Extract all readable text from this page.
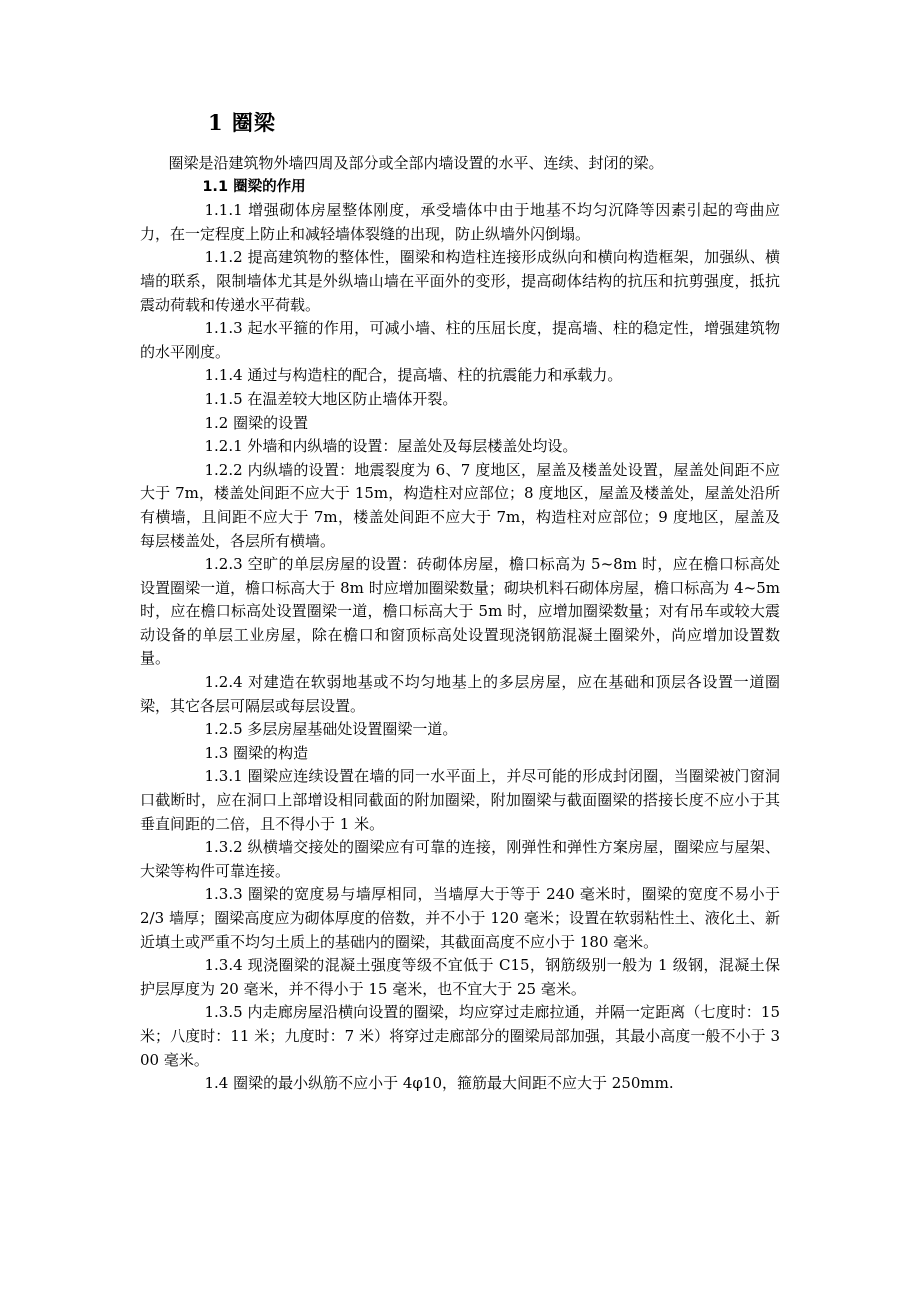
1 圈梁

圈梁是沿建筑物外墙四周及部分或全部内墙设置的水平、连续、封闭的梁。

1.1 圈梁的作用

1.1.1 增强砌体房屋整体刚度，承受墙体中由于地基不均匀沉降等因素引起的弯曲应力，在一定程度上防止和减轻墙体裂缝的出现，防止纵墙外闪倒塌。

1.1.2 提高建筑物的整体性，圈梁和构造柱连接形成纵向和横向构造框架，加强纵、横墙的联系，限制墙体尤其是外纵墙山墙在平面外的变形，提高砌体结构的抗压和抗剪强度，抵抗震动荷载和传递水平荷载。

1.1.3 起水平箍的作用，可减小墙、柱的压屈长度，提高墙、柱的稳定性，增强建筑物的水平刚度。

1.1.4 通过与构造柱的配合，提高墙、柱的抗震能力和承载力。

1.1.5 在温差较大地区防止墙体开裂。

1.2 圈梁的设置

1.2.1 外墙和内纵墙的设置：屋盖处及每层楼盖处均设。

1.2.2 内纵墙的设置：地震裂度为 6、7 度地区，屋盖及楼盖处设置，屋盖处间距不应大于 7m，楼盖处间距不应大于 15m，构造柱对应部位；8 度地区，屋盖及楼盖处，屋盖处沿所有横墙，且间距不应大于 7m，楼盖处间距不应大于 7m，构造柱对应部位；9 度地区，屋盖及每层楼盖处，各层所有横墙。

1.2.3 空旷的单层房屋的设置：砖砌体房屋，檐口标高为 5~8m 时，应在檐口标高处设置圈梁一道，檐口标高大于 8m 时应增加圈梁数量；砌块机料石砌体房屋，檐口标高为 4~5m 时，应在檐口标高处设置圈梁一道，檐口标高大于 5m 时，应增加圈梁数量；对有吊车或较大震动设备的单层工业房屋，除在檐口和窗顶标高处设置现浇钢筋混凝土圈梁外，尚应增加设置数量。

1.2.4 对建造在软弱地基或不均匀地基上的多层房屋，应在基础和顶层各设置一道圈梁，其它各层可隔层或每层设置。

1.2.5 多层房屋基础处设置圈梁一道。

1.3 圈梁的构造

1.3.1 圈梁应连续设置在墙的同一水平面上，并尽可能的形成封闭圈，当圈梁被门窗洞口截断时，应在洞口上部增设相同截面的附加圈梁，附加圈梁与截面圈梁的搭接长度不应小于其垂直间距的二倍，且不得小于 1 米。

1.3.2 纵横墙交接处的圈梁应有可靠的连接，刚弹性和弹性方案房屋，圈梁应与屋架、大梁等构件可靠连接。

1.3.3 圈梁的宽度易与墙厚相同，当墙厚大于等于 240 毫米时，圈梁的宽度不易小于 2/3 墙厚；圈梁高度应为砌体厚度的倍数，并不小于 120 毫米；设置在软弱粘性土、液化土、新近填土或严重不均匀土质上的基础内的圈梁，其截面高度不应小于 180 毫米。

1.3.4 现浇圈梁的混凝土强度等级不宜低于 C15，钢筋级别一般为 1 级钢，混凝土保护层厚度为 20 毫米，并不得小于 15 毫米，也不宜大于 25 毫米。

1.3.5 内走廊房屋沿横向设置的圈梁，均应穿过走廊拉通，并隔一定距离（七度时：15 米；八度时：11 米；九度时：7 米）将穿过走廊部分的圈梁局部加强，其最小高度一般不小于 300 毫米。

1.4 圈梁的最小纵筋不应小于 4φ10，箍筋最大间距不应大于 250mm.
